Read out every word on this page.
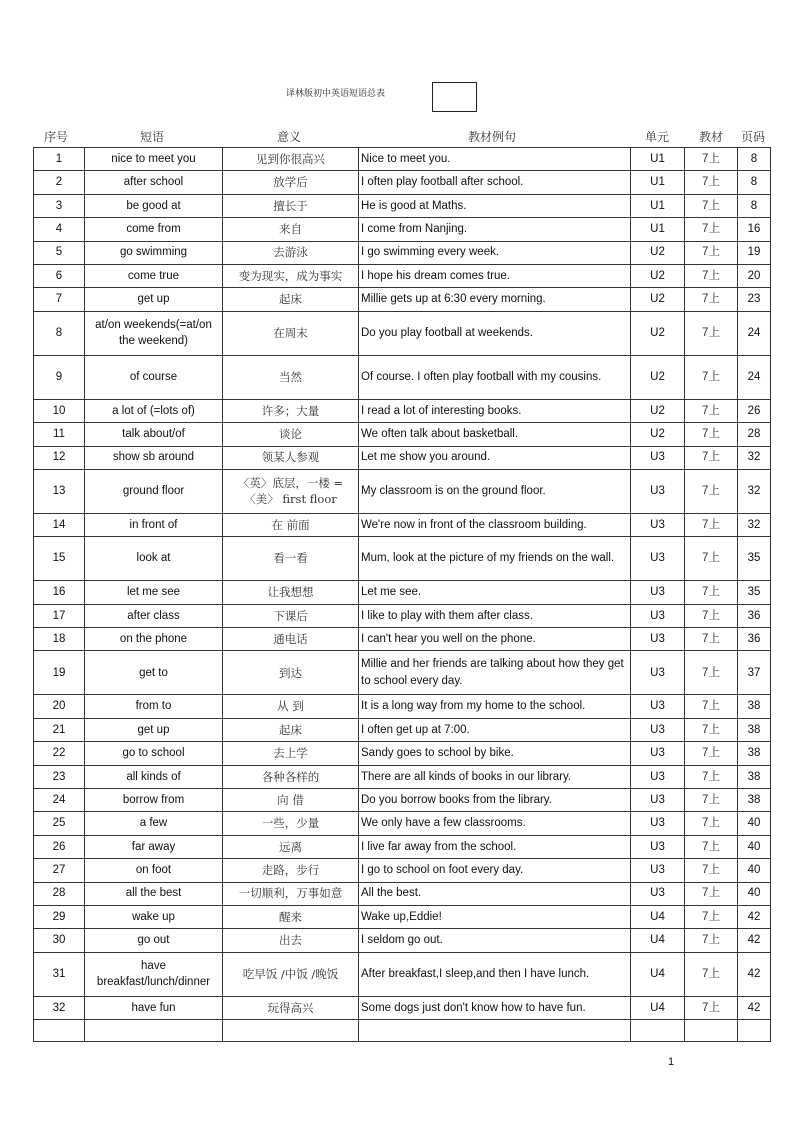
译林版初中英语短语总表
序号	短语	意义	教材例句	单元 教材 页码
1	nice to meet you	见到你很高兴	Nice to meet you.	U1	7上	8
2	after school	放学后	I often play football after school.	U1	7上	8
3	be good at	擅长于	He is good at Maths.	U1	7上	8
4	come from	来自	I come from Nanjing.	U1	7上	16
5	go swimming	去游泳	I go swimming every week.	U2	7上	19
6	come true	变为现实，成为事实	I hope his dream comes true.	U2	7上	20
7	get up	起床	Millie gets up at 6:30 every morning.	U2	7上	23
8	at/on weekends(=at/on the weekend)	在周末	Do you play football at weekends.	U2	7上	24
9	of course	当然	Of course. I often play football with my cousins.	U2	7上	24
10	a lot of (=lots of)	许多；大量	I read a lot of interesting books.	U2	7上	26
11	talk about/of	谈论	We often talk about basketball.	U2	7上	28
12	show sb around	领某人参观	Let me show you around.	U3	7上	32
13	ground floor	〈英〉底层，一楼 = 〈美〉 first floor	My classroom is on the ground floor.	U3	7上	32
14	in front of	在 前面	We're now in front of the classroom building.	U3	7上	32
15	look at	看一看	Mum, look at the picture of my friends on the wall.	U3	7上	35
16	let me see	让我想想	Let me see.	U3	7上	35
17	after class	下课后	I like to play with them after class.	U3	7上	36
18	on the phone	通电话	I can't hear you well on the phone.	U3	7上	36
19	get to	到达	Millie and her friends are talking about how they get to school every day.	U3	7上	37
20	from to	从 到	It is a long way from my home to the school.	U3	7上	38
21	get up	起床	I often get up at 7:00.	U3	7上	38
22	go to school	去上学	Sandy goes to school by bike.	U3	7上	38
23	all kinds of	各种各样的	There are all kinds of books in our library.	U3	7上	38
24	borrow from	向 借	Do you borrow books from the library.	U3	7上	38
25	a few	一些，少量	We only have a few classrooms.	U3	7上	40
26	far away	远离	I live far away from the school.	U3	7上	40
27	on foot	走路，步行	I go to school on foot every day.	U3	7上	40
28	all the best	一切顺利，万事如意	All the best.	U3	7上	40
29	wake up	醒来	Wake up,Eddie!	U4	7上	42
30	go out	出去	I seldom go out.	U4	7上	42
31	have breakfast/lunch/dinner	吃早饭 /中饭 /晚饭	After breakfast,I sleep,and then I have lunch.	U4	7上	42
32	have fun	玩得高兴	Some dogs just don't know how to have fun.	U4	7上	42

1
